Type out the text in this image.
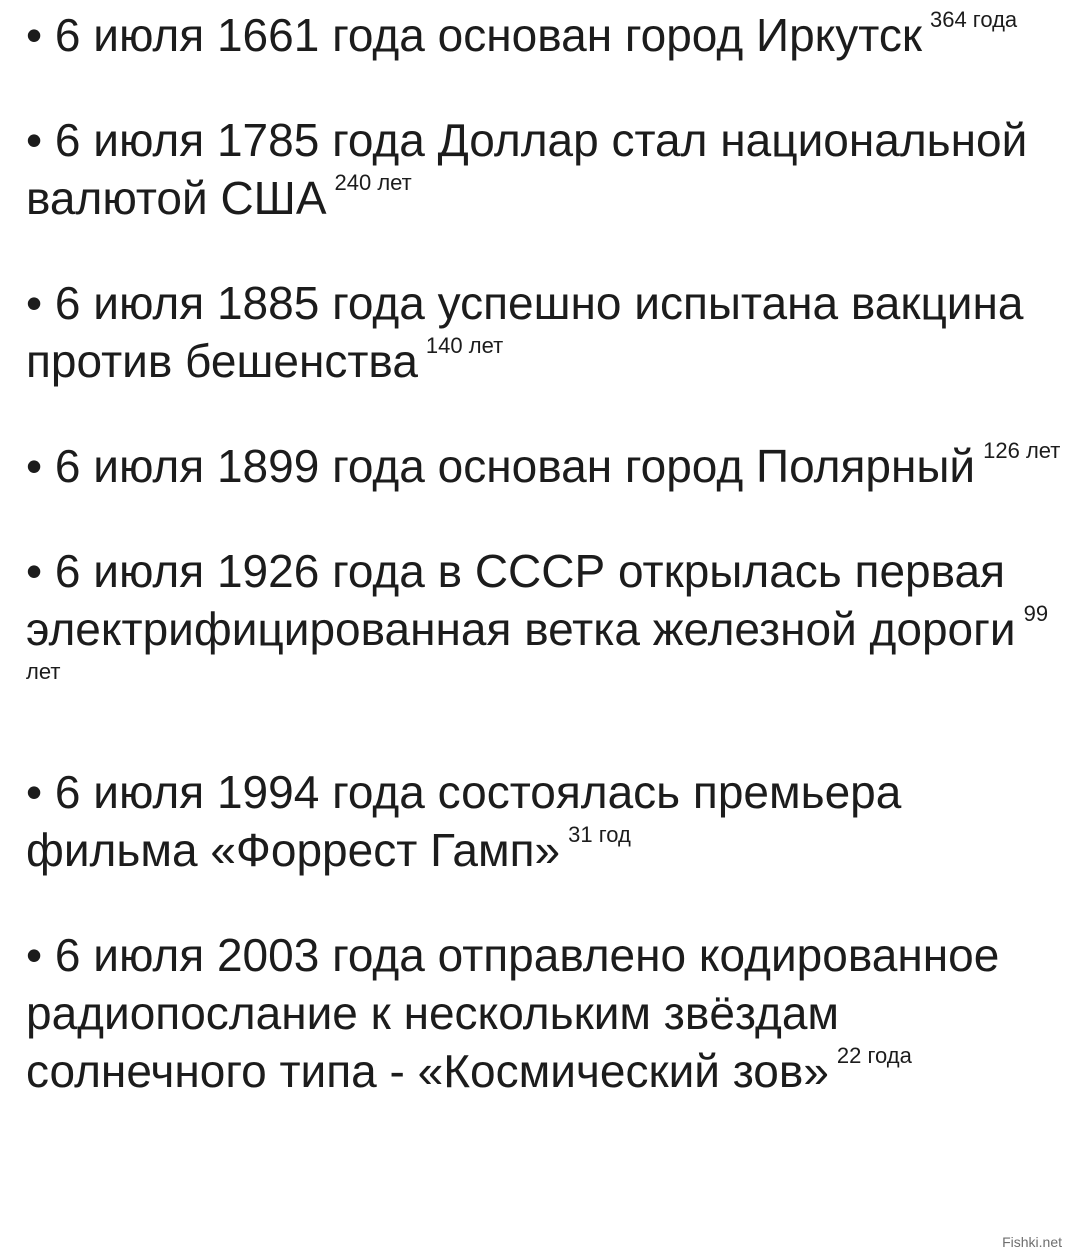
• 6 июля 1661 года основан город Иркутск $^{364 года}$
• 6 июля 1785 года Доллар стал национальной валютой США $^{240 лет}$
• 6 июля 1885 года успешно испытана вакцина против бешенства $^{140 лет}$
• 6 июля 1899 года основан город Полярный $^{126 лет}$
• 6 июля 1926 года в СССР открылась первая электрифицированная ветка железной дороги $^{99 лет}$
• 6 июля 1994 года состоялась премьера фильма «Форрест Гамп» $^{31 год}$
• 6 июля 2003 года отправлено кодированное радиопослание к нескольким звёздам солнечного типа - «Космический зов» $^{22 года}$
Fishki.net
